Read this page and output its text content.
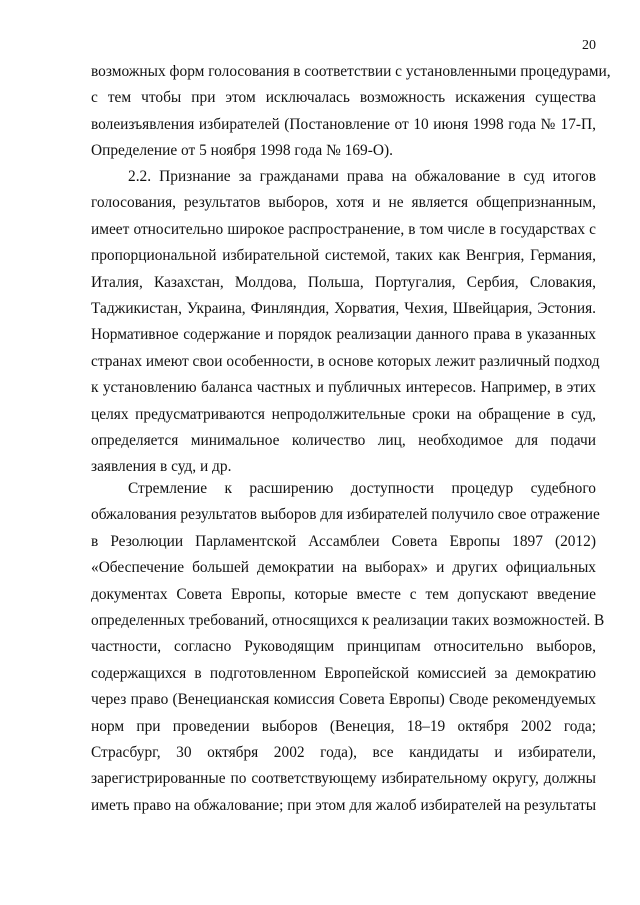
20
возможных форм голосования в соответствии с установленными процедурами,
с тем чтобы при этом исключалась возможность искажения существа
волеизъявления избирателей (Постановление от 10 июня 1998 года № 17-П,
Определение от 5 ноября 1998 года № 169-О).
2.2. Признание за гражданами права на обжалование в суд итогов
голосования, результатов выборов, хотя и не является общепризнанным,
имеет относительно широкое распространение, в том числе в государствах с
пропорциональной избирательной системой, таких как Венгрия, Германия,
Италия, Казахстан, Молдова, Польша, Португалия, Сербия, Словакия,
Таджикистан, Украина, Финляндия, Хорватия, Чехия, Швейцария, Эстония.
Нормативное содержание и порядок реализации данного права в указанных
странах имеют свои особенности, в основе которых лежит различный подход
к установлению баланса частных и публичных интересов. Например, в этих
целях предусматриваются непродолжительные сроки на обращение в суд,
определяется минимальное количество лиц, необходимое для подачи
заявления в суд, и др.
Стремление к расширению доступности процедур судебного
обжалования результатов выборов для избирателей получило свое отражение
в Резолюции Парламентской Ассамблеи Совета Европы 1897 (2012)
«Обеспечение большей демократии на выборах» и других официальных
документах Совета Европы, которые вместе с тем допускают введение
определенных требований, относящихся к реализации таких возможностей. В
частности, согласно Руководящим принципам относительно выборов,
содержащихся в подготовленном Европейской комиссией за демократию
через право (Венецианская комиссия Совета Европы) Своде рекомендуемых
норм при проведении выборов (Венеция, 18–19 октября 2002 года;
Страсбург, 30 октября 2002 года), все кандидаты и избиратели,
зарегистрированные по соответствующему избирательному округу, должны
иметь право на обжалование; при этом для жалоб избирателей на результаты
